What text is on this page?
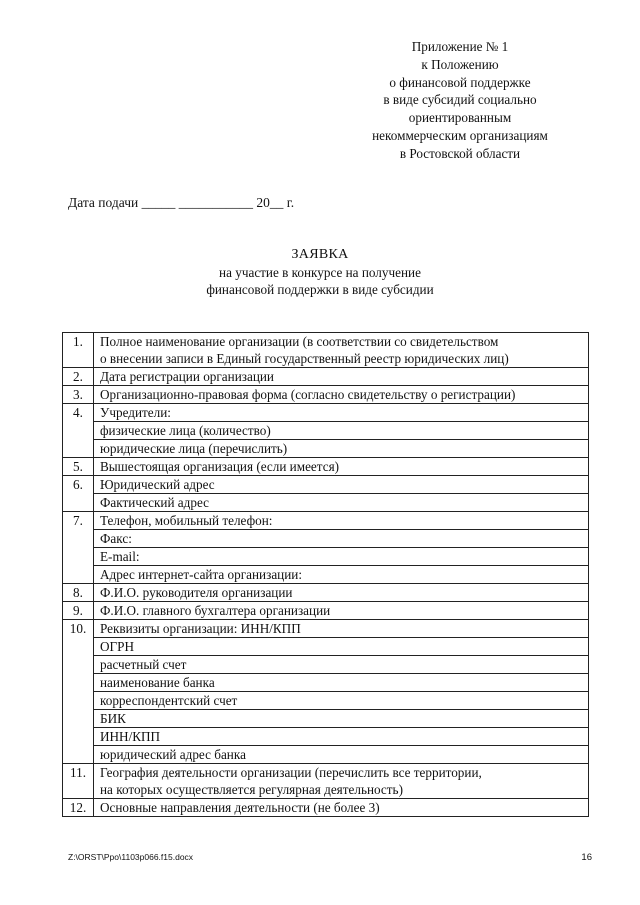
Приложение № 1
к Положению
о финансовой поддержке
в виде субсидий социально
ориентированным
некоммерческим организациям
в Ростовской области
Дата подачи _____ ___________ 20__ г.
ЗАЯВКА
на участие в конкурсе на получение
финансовой поддержки в виде субсидии
1.	Полное наименование организации (в соответствии со свидетельством
о внесении записи в Единый государственный реестр юридических лиц)

2.	Дата регистрации организации
3.	Организационно-правовая форма (согласно свидетельству о регистрации)
4.	Учредители:
	физические лица (количество)
	юридические лица (перечислить)
5.	Вышестоящая организация (если имеется)
6.	Юридический адрес
	Фактический адрес
7.	Телефон, мобильный телефон:
	Факс:
	E-mail:
	Адрес интернет-сайта организации:
8.	Ф.И.О. руководителя организации
9.	Ф.И.О. главного бухгалтера организации
10.	Реквизиты организации: ИНН/КПП
	ОГРН
	расчетный счет
	наименование банка
	корреспондентский счет
	БИК
	ИНН/КПП
	юридический адрес банка
11.	География деятельности организации (перечислить все территории,
на которых осуществляется регулярная деятельность)

12.	Основные направления деятельности (не более 3)
Z:\ORST\Ppo\1103p066.f15.docx	16
